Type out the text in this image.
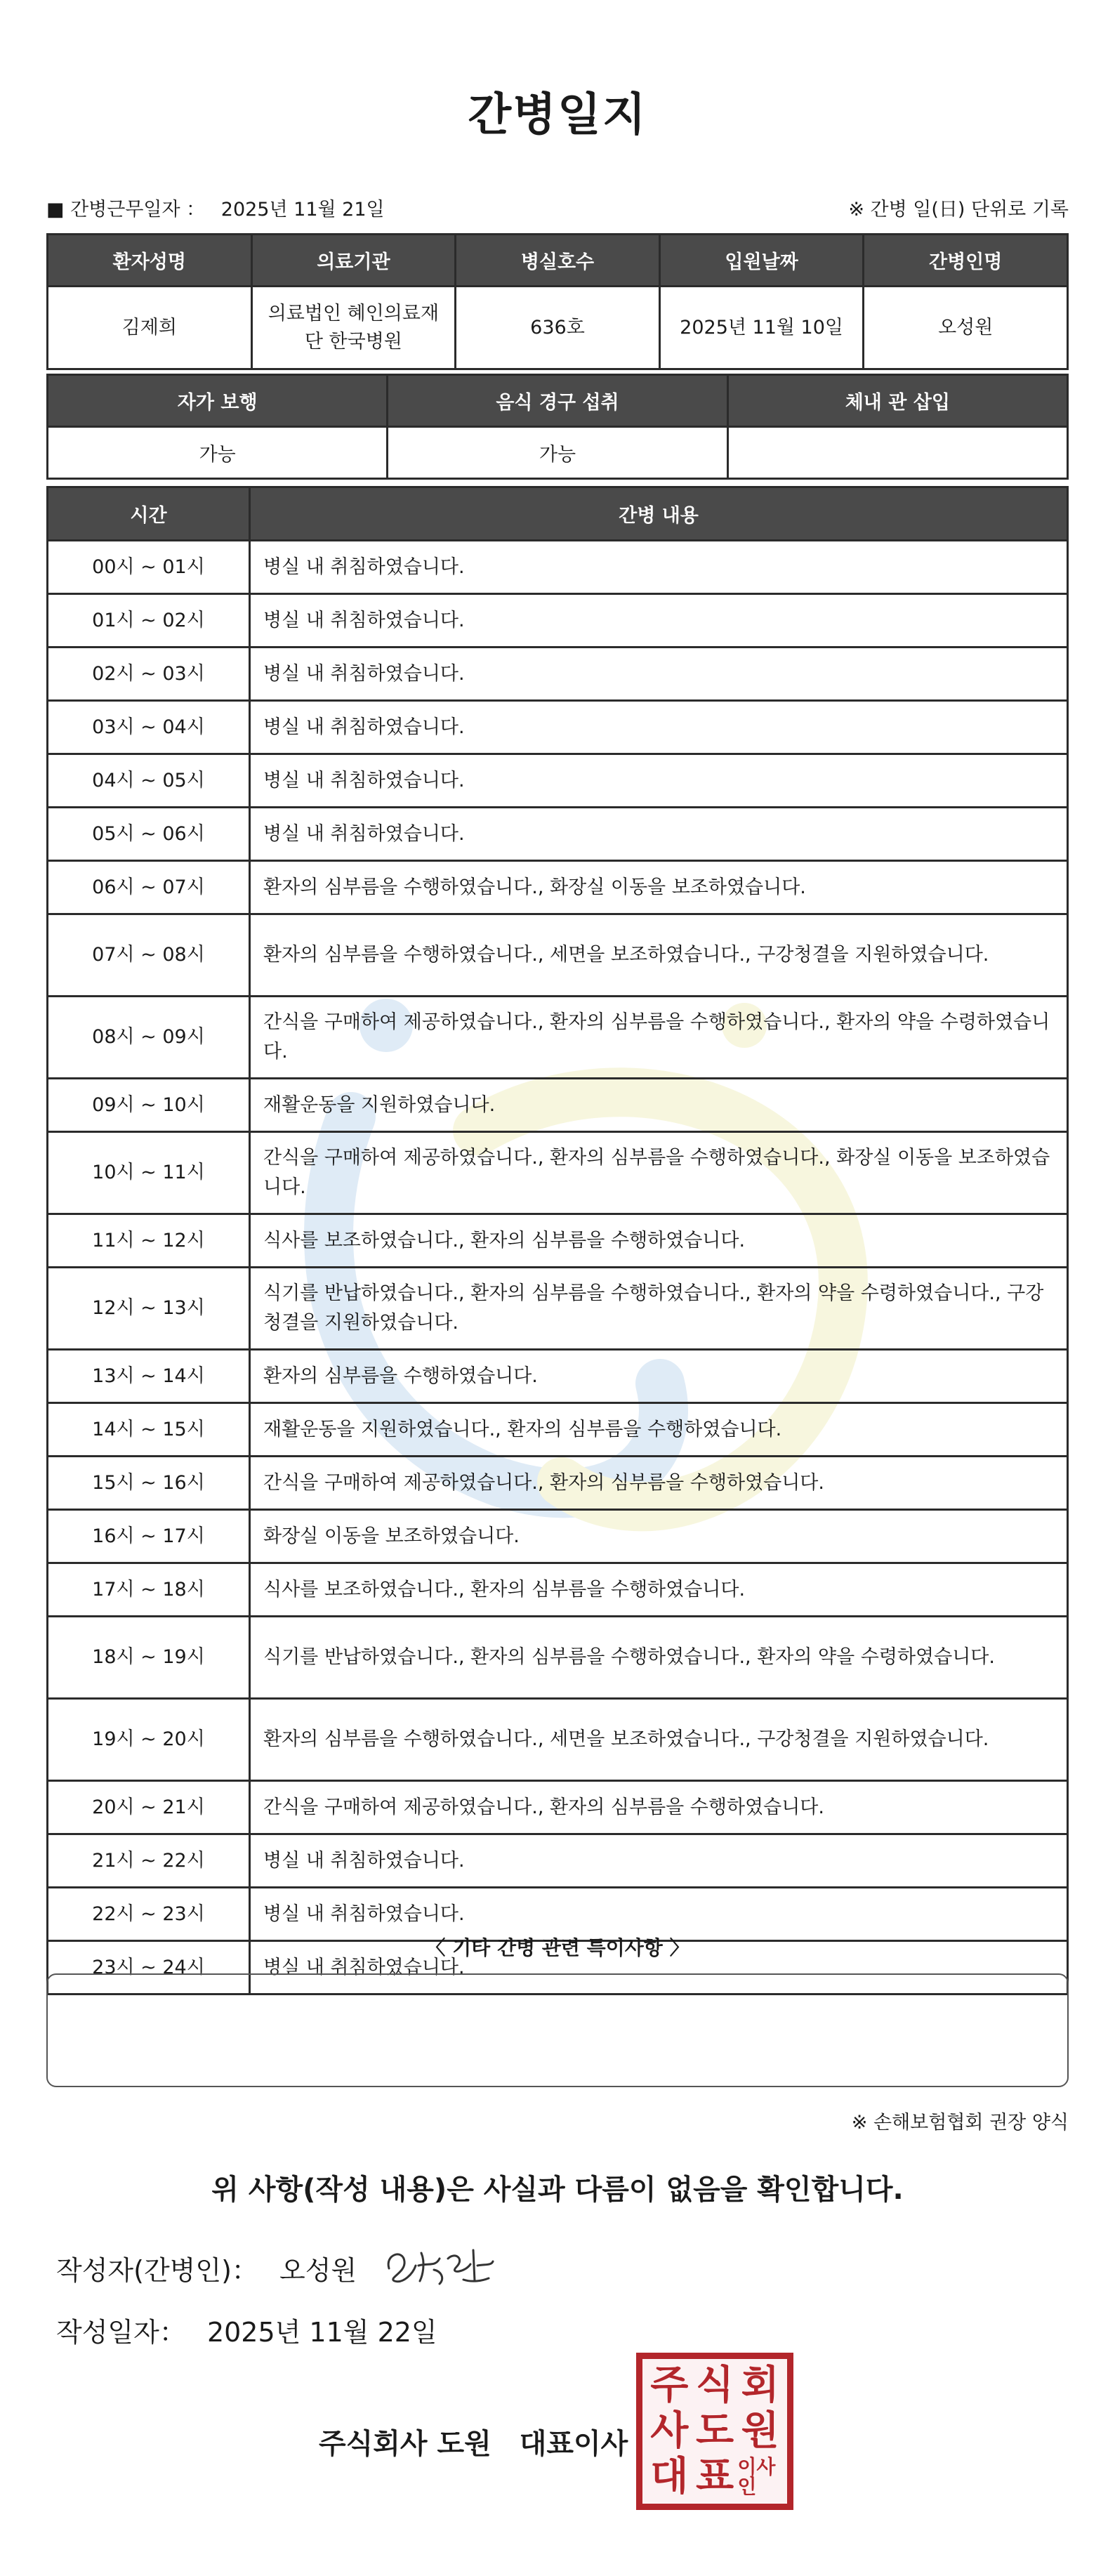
간병일지
■ 간병근무일자 ： 2025년 11월 21일	※ 간병 일(日) 단위로 기록
환자성명	의료기관	병실호수	입원날짜	간병인명
김제희	의료법인 혜인의료재단 한국병원	636호	2025년 11월 10일	오성원
자가 보행	음식 경구 섭취	체내 관 삽입
가능	가능	
시간	간병 내용
00시 ~ 01시	병실 내 취침하였습니다.
01시 ~ 02시	병실 내 취침하였습니다.
02시 ~ 03시	병실 내 취침하였습니다.
03시 ~ 04시	병실 내 취침하였습니다.
04시 ~ 05시	병실 내 취침하였습니다.
05시 ~ 06시	병실 내 취침하였습니다.
06시 ~ 07시	환자의 심부름을 수행하였습니다., 화장실 이동을 보조하였습니다.
07시 ~ 08시	환자의 심부름을 수행하였습니다., 세면을 보조하였습니다., 구강청결을 지원하였습니다.
08시 ~ 09시	간식을 구매하여 제공하였습니다., 환자의 심부름을 수행하였습니다., 환자의 약을 수령하였습니다.
09시 ~ 10시	재활운동을 지원하였습니다.
10시 ~ 11시	간식을 구매하여 제공하였습니다., 환자의 심부름을 수행하였습니다., 화장실 이동을 보조하였습니다.
11시 ~ 12시	식사를 보조하였습니다., 환자의 심부름을 수행하였습니다.
12시 ~ 13시	식기를 반납하였습니다., 환자의 심부름을 수행하였습니다., 환자의 약을 수령하였습니다., 구강청결을 지원하였습니다.
13시 ~ 14시	환자의 심부름을 수행하였습니다.
14시 ~ 15시	재활운동을 지원하였습니다., 환자의 심부름을 수행하였습니다.
15시 ~ 16시	간식을 구매하여 제공하였습니다., 환자의 심부름을 수행하였습니다.
16시 ~ 17시	화장실 이동을 보조하였습니다.
17시 ~ 18시	식사를 보조하였습니다., 환자의 심부름을 수행하였습니다.
18시 ~ 19시	식기를 반납하였습니다., 환자의 심부름을 수행하였습니다., 환자의 약을 수령하였습니다.
19시 ~ 20시	환자의 심부름을 수행하였습니다., 세면을 보조하였습니다., 구강청결을 지원하였습니다.
20시 ~ 21시	간식을 구매하여 제공하였습니다., 환자의 심부름을 수행하였습니다.
21시 ~ 22시	병실 내 취침하였습니다.
22시 ~ 23시	병실 내 취침하였습니다.
23시 ~ 24시	병실 내 취침하였습니다.
〈 기타 간병 관련 특이사항 〉
※ 손해보험협회 권장 양식
위 사항(작성 내용)은 사실과 다름이 없음을 확인합니다.
작성자(간병인)： 오성원
작성일자： 2025년 11월 22일
주식회사 도원　대표이사
주 식 회
사 도 원
대 표 이사인
